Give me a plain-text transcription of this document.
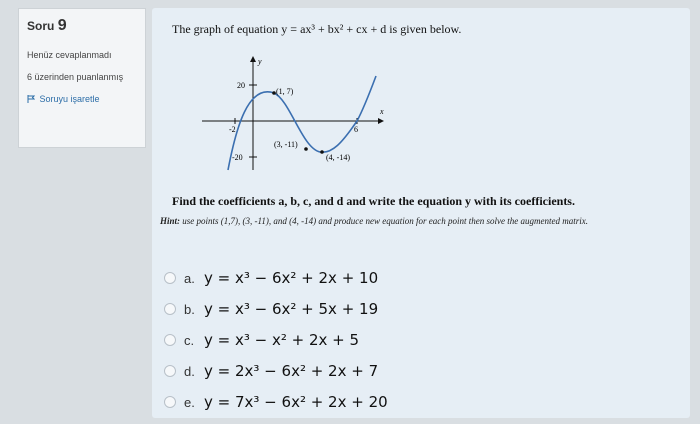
Soru 9
Henüz cevaplanmadı
6 üzerinden puanlanmış
Soruyu işaretle
The graph of equation y = ax³ + bx² + cx + d is given below.
y
x
20
-20
-2	6
(1, 7)
(3, -11)
(4, -14)
Find the coefficients a, b, c, and d and write the equation y with its coefficients.
Hint: use points (1,7), (3, -11), and (4, -14) and produce new equation for each point then solve the augmented matrix.
a. y = x³ − 6x² + 2x + 10
b. y = x³ − 6x² + 5x + 19
c. y = x³ − x² + 2x + 5
d. y = 2x³ − 6x² + 2x + 7
e. y = 7x³ − 6x² + 2x + 20
